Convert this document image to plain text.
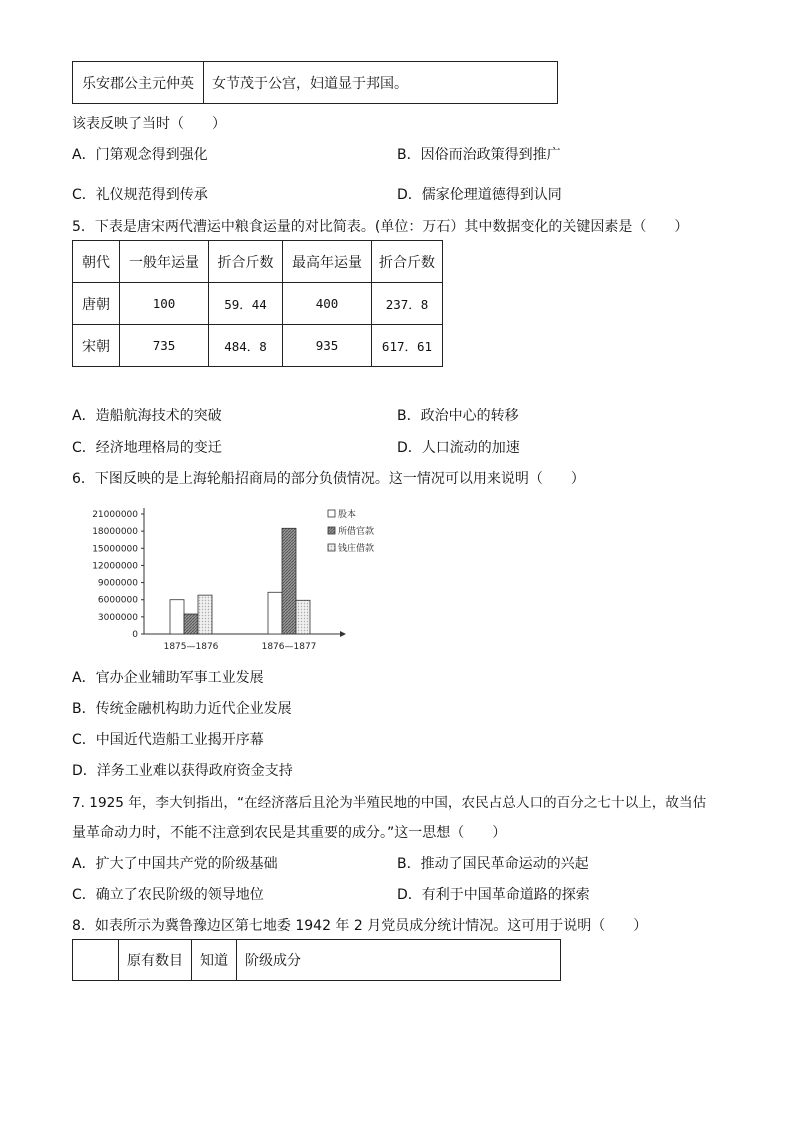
乐安郡公主元仲英	女节茂于公宫，妇道显于邦国。
该表反映了当时（　　）
A．门第观念得到强化	B．因俗而治政策得到推广
C．礼仪规范得到传承	D．儒家伦理道德得到认同
5．下表是唐宋两代漕运中粮食运量的对比简表。(单位：万石）其中数据变化的关键因素是（　　）
朝代	一般年运量	折合斤数	最高年运量	折合斤数
唐朝	100	59．44	400	237．8
宋朝	735	484．8	935	617．61
A．造船航海技术的突破	B．政治中心的转移
C．经济地理格局的变迁	D．人口流动的加速
6．下图反映的是上海轮船招商局的部分负债情况。这一情况可以用来说明（　　）
21000000
18000000
15000000
12000000
9000000
6000000
3000000
0
1875—1876	1876—1877
股本
所借官款
钱庄借款
A．官办企业辅助军事工业发展
B．传统金融机构助力近代企业发展
C．中国近代造船工业揭开序幕
D．洋务工业难以获得政府资金支持
7. 1925 年，李大钊指出，“在经济落后且沦为半殖民地的中国，农民占总人口的百分之七十以上，故当估
量革命动力时，不能不注意到农民是其重要的成分。”这一思想（　　）
A．扩大了中国共产党的阶级基础	B．推动了国民革命运动的兴起
C．确立了农民阶级的领导地位	D．有利于中国革命道路的探索
8．如表所示为冀鲁豫边区第七地委 1942 年 2 月党员成分统计情况。这可用于说明（　　）
	原有数目	知道	阶级成分
